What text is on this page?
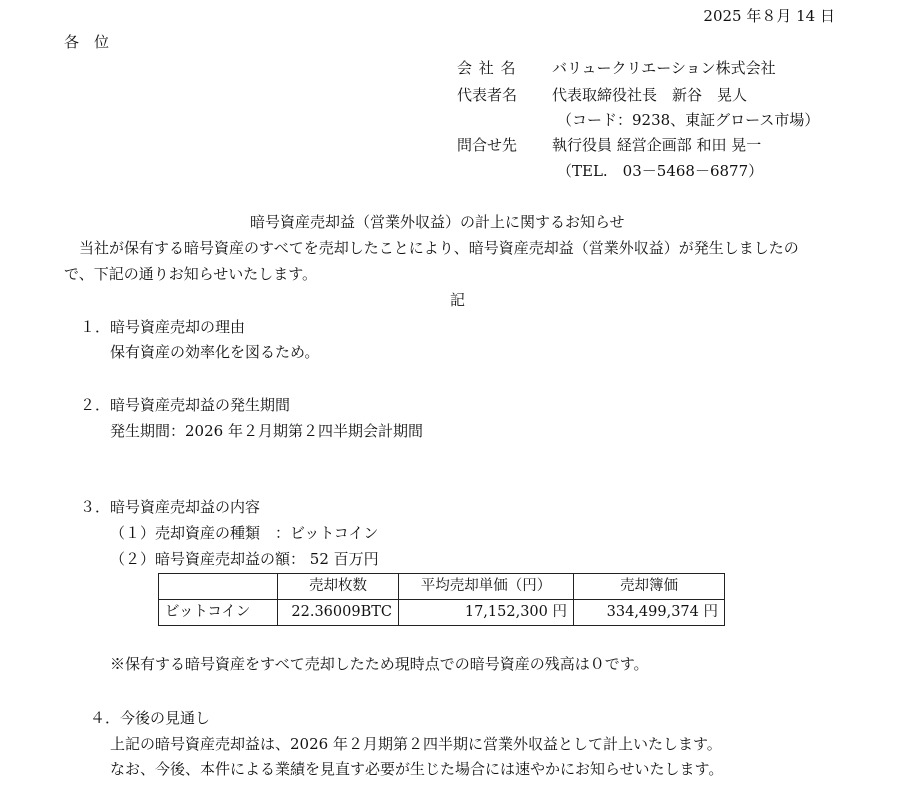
2025 年８月 14 日
各　位
会社名 バリュークリエーション株式会社
代表者名 代表取締役社長　新谷　晃人
（コード：9238、東証グロース市場）
問合せ先 執行役員 経営企画部 和田 晃一
（TEL.　03－5468－6877）
暗号資産売却益（営業外収益）の計上に関するお知らせ
当社が保有する暗号資産のすべてを売却したことにより、暗号資産売却益（営業外収益）が発生しましたの
で、下記の通りお知らせいたします。
記
１．暗号資産売却の理由
保有資産の効率化を図るため。
２．暗号資産売却益の発生期間
発生期間：2026 年２月期第２四半期会計期間
３．暗号資産売却益の内容
（１）売却資産の種類　：ビットコイン
（２）暗号資産売却益の額： 52 百万円
	売却枚数	平均売却単価（円）	売却簿価
ビットコイン	22.36009BTC	17,152,300 円	334,499,374 円
※保有する暗号資産をすべて売却したため現時点での暗号資産の残高は０です。
４．今後の見通し
上記の暗号資産売却益は、2026 年２月期第２四半期に営業外収益として計上いたします。
なお、今後、本件による業績を見直す必要が生じた場合には速やかにお知らせいたします。
